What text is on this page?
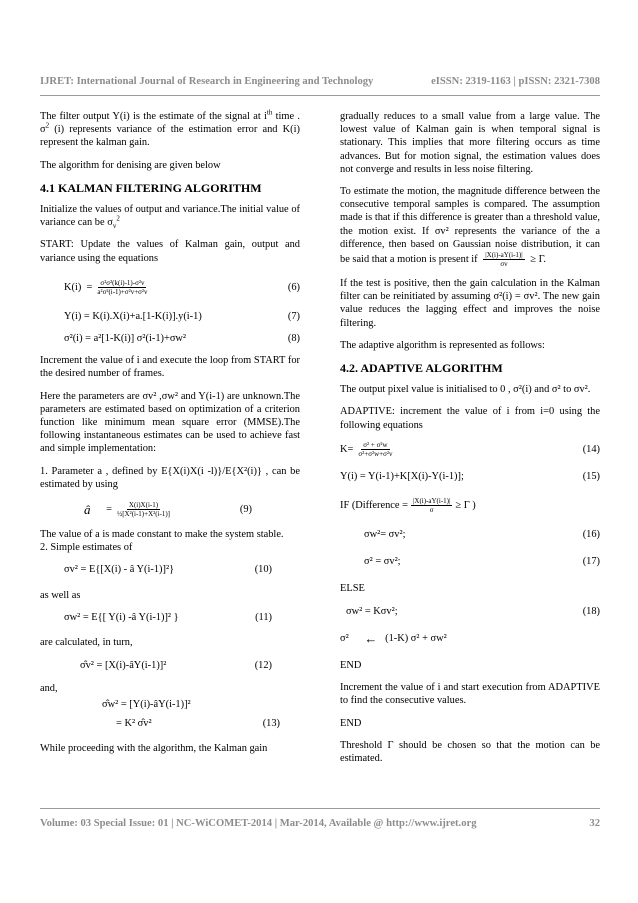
IJRET: International Journal of Research in Engineering and Technology	eISSN: 2319-1163 | pISSN: 2321-7308

The filter output Y(i) is the estimate of the signal at $i^{th}$ time . $\sigma^2$ (i) represents variance of the estimation error and K(i) represent the kalman gain.

The algorithm for denising are given below

4.1 KALMAN FILTERING ALGORITHM

Initialize the values of output and variance.The initial value of variance can be $\sigma_v^2$

START: Update the values of Kalman gain, output and variance using the equations

$K(i) = \frac{\text{σ²σ²(k(i)-1)-σ²v}}{\text{a²σ²(i-1)+σ²v+σ²v}}$	(6)
Y(i) = K(i).X(i)+a.[1-K(i)].y(i-1)	(7)
σ²(i) = a²[1-K(i)] σ²(i-1)+σw²	(8)

Increment the value of i and execute the loop from START for the desired number of frames.

Here the parameters are σv² ,σw² and Y(i-1) are unknown.The parameters are estimated based on optimization of a criterion function like minimum mean square error (MMSE).The following instantaneous estimates can be used to achieve fast and simple implementation:

1. Parameter a , defined by E{X(i)X(i -l)}/E{X²(i)} , can be estimated by using

â = $\frac{X(i)X(i-1)}{\text{½[X²(i-1)+X²(i-1)]}}$	(9)

The value of a is made constant to make the system stable.

2. Simple estimates of

σv² = E{[X(i) - â Y(i-1)]²}	(10)

as well as

σw² = E{[ Y(i) -â Y(i-1)]² }	(11)

are calculated, in turn,

σ̂v² = [X(i)-âY(i-1)]²	(12)

and,

σ̂w² = [Y(i)-âY(i-1)]²
= K² σ̂v²	(13)

While proceeding with the algorithm, the Kalman gain

gradually reduces to a small value from a large value. The lowest value of Kalman gain is when temporal signal is stationary. This implies that more filtering occurs as time advances. But for motion signal, the estimation values does not converge and results in less noise filtering.

To estimate the motion, the magnitude difference between the consecutive temporal samples is compared. The assumption made is that if this difference is greater than a threshold value, the motion exist. If σv² represents the variance of the a difference, then based on Gaussian noise distribution, it can be said that a motion is present if $\frac{|X(i)-aY(i-1)|}{\sigma v} \ge \Gamma$.

If the test is positive, then the gain calculation in the Kalman filter can be reinitiated by assuming σ²(i) = σv². The new gain value reduces the lagging effect and improves the noise filtering.

The adaptive algorithm is represented as follows:

4.2. ADAPTIVE ALGORITHM

The output pixel value is initialised to 0 , σ²(i) and σ² to σv².

ADAPTIVE: increment the value of i from i=0 using the following equations

$K= \frac{\text{σ² + σ²w}}{\text{σ²+σ²w+σ²v}}$	(14)
Y(i) = Y(i-1)+K[X(i)-Y(i-1)];	(15)
IF (Difference = $\frac{|X(i)-aY(i-1)|}{\sigma} \ge \Gamma$ )
σw²= σv²;	(16)
σ² = σv²;	(17)

ELSE

σw² = Kσv²;	(18)
σ²
←
(1-K) σ² + σw²

END

Increment the value of i and start execution from ADAPTIVE to find the consecutive values.

END

Threshold Γ should be chosen so that the motion can be estimated.

Volume: 03 Special Issue: 01 | NC-WiCOMET-2014 | Mar-2014, Available @ http://www.ijret.org	32
